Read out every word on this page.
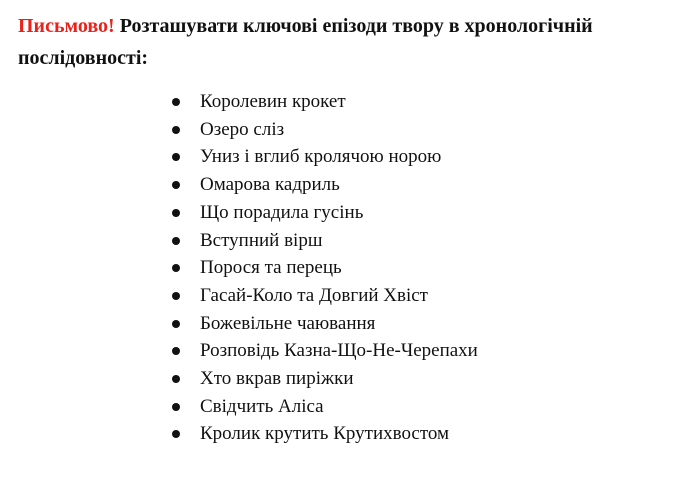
Письмово! Розташувати ключові епізоди твору в хронологічній послідовності:

Королевин крокет
Озеро сліз
Униз і вглиб кролячою норою
Омарова кадриль
Що порадила гусінь
Вступний вірш
Порося та перець
Гасай-Коло та Довгий Хвіст
Божевільне чаювання
Розповідь Казна-Що-Не-Черепахи
Хто вкрав пиріжки
Свідчить Аліса
Кролик крутить Крутихвостом
